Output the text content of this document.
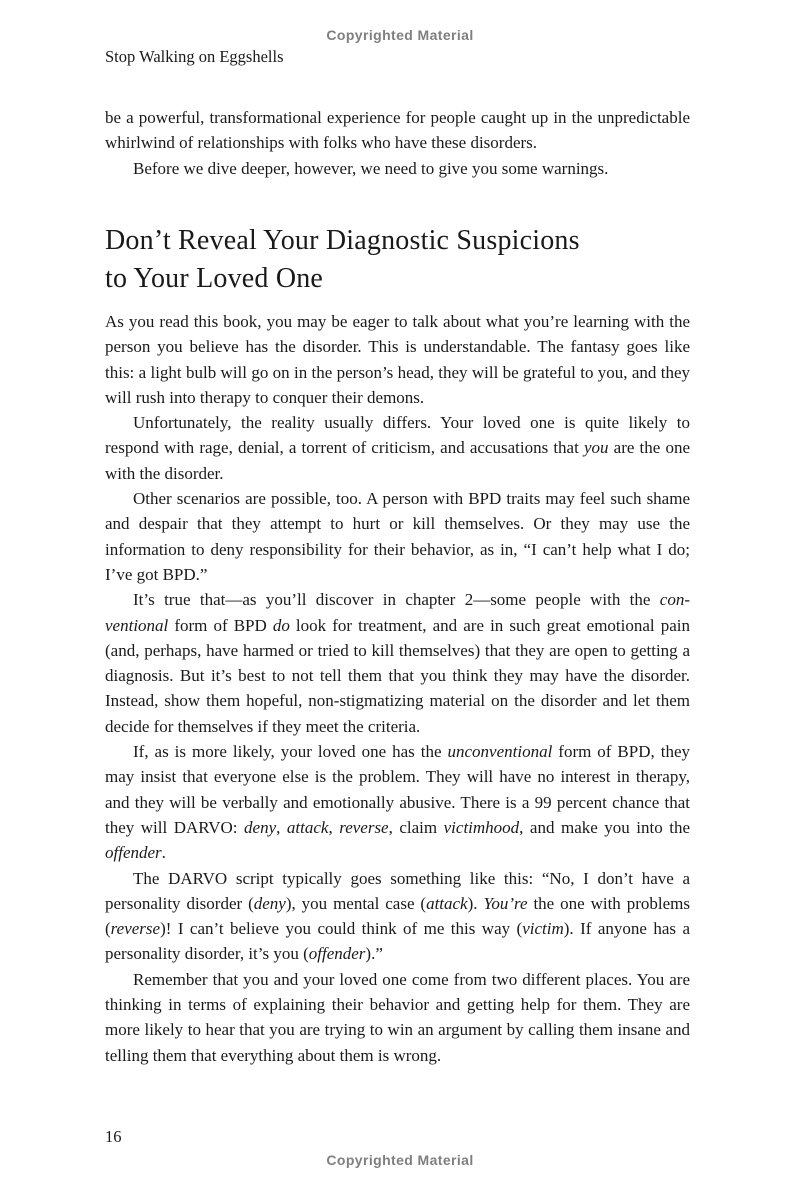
Copyrighted Material
Stop Walking on Eggshells

be a powerful, transformational experience for people caught up in the unpredictable whirlwind of relationships with folks who have these disorders.

Before we dive deeper, however, we need to give you some warnings.

Don’t Reveal Your Diagnostic Suspicions
to Your Loved One

As you read this book, you may be eager to talk about what you’re learning with the person you believe has the disorder. This is understandable. The fantasy goes like this: a light bulb will go on in the person’s head, they will be grateful to you, and they will rush into therapy to conquer their demons.

Unfortunately, the reality usually differs. Your loved one is quite likely to respond with rage, denial, a torrent of criticism, and accusations that you are the one with the disorder.

Other scenarios are possible, too. A person with BPD traits may feel such shame and despair that they attempt to hurt or kill themselves. Or they may use the information to deny responsibility for their behavior, as in, “I can’t help what I do; I’ve got BPD.”

It’s true that—as you’ll discover in chapter 2—some people with the conventional form of BPD do look for treatment, and are in such great emotional pain (and, perhaps, have harmed or tried to kill themselves) that they are open to getting a diagnosis. But it’s best to not tell them that you think they may have the disorder. Instead, show them hopeful, non-stigmatizing material on the disorder and let them decide for themselves if they meet the criteria.

If, as is more likely, your loved one has the unconventional form of BPD, they may insist that everyone else is the problem. They will have no interest in therapy, and they will be verbally and emotionally abusive. There is a 99 percent chance that they will DARVO: deny, attack, reverse, claim victimhood, and make you into the offender.

The DARVO script typically goes something like this: “No, I don’t have a personality disorder (deny), you mental case (attack). You’re the one with problems (reverse)! I can’t believe you could think of me this way (victim). If anyone has a personality disorder, it’s you (offender).”

Remember that you and your loved one come from two different places. You are thinking in terms of explaining their behavior and getting help for them. They are more likely to hear that you are trying to win an argument by calling them insane and telling them that everything about them is wrong.

16
Copyrighted Material
